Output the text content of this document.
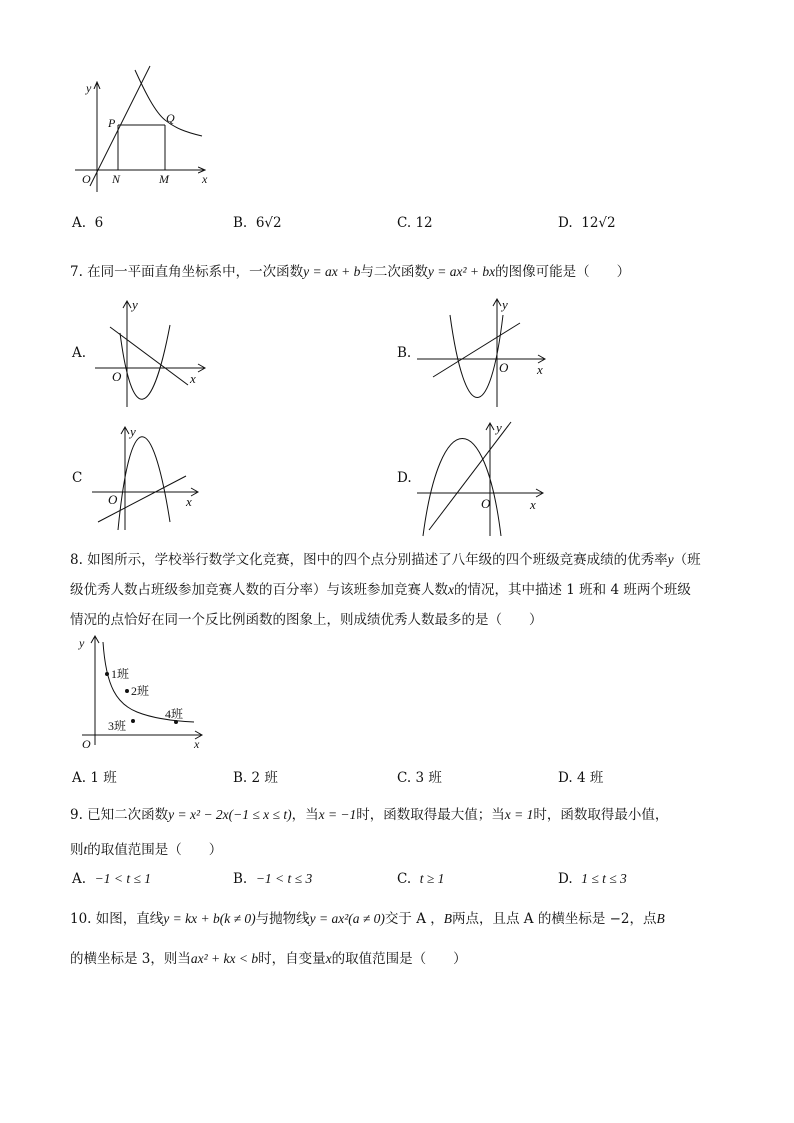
y
x
O N	M
P	Q
A. 6	B. 6√2	C. 12	D. 12√2
7. 在同一平面直角坐标系中，一次函数y = ax + b与二次函数y = ax² + bx的图像可能是（　　）
A.
y
x
O
B.
y
x
O
C
y
x
O
D.
y
x
O
8. 如图所示，学校举行数学文化竞赛，图中的四个点分别描述了八年级的四个班级竞赛成绩的优秀率y（班
级优秀人数占班级参加竞赛人数的百分率）与该班参加竞赛人数x的情况，其中描述 1 班和 4 班两个班级
情况的点恰好在同一个反比例函数的图象上，则成绩优秀人数最多的是（　　）
1班
2班
3班
4班
y
x
O
A. 1 班	B. 2 班	C. 3 班	D. 4 班
9. 已知二次函数y = x² − 2x(−1 ≤ x ≤ t)，当x = −1时，函数取得最大值；当x = 1时，函数取得最小值，
则t的取值范围是（　　）
A. −1 < t ≤ 1	B. −1 < t ≤ 3	C. t ≥ 1	D. 1 ≤ t ≤ 3
10. 如图，直线y = kx + b(k ≠ 0)与抛物线y = ax²(a ≠ 0)交于 A ，B两点，且点 A 的横坐标是 −2，点B
的横坐标是 3，则当ax² + kx < b时，自变量x的取值范围是（　　）
